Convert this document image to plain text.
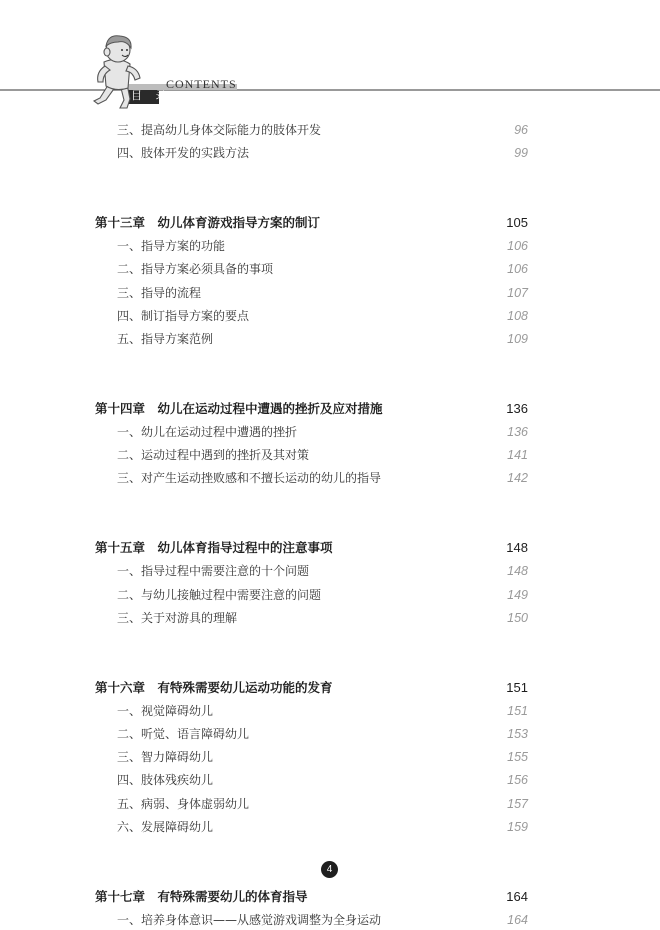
CONTENTS
目 录
三、提高幼儿身体交际能力的肢体开发	96
四、肢体开发的实践方法	99
第十三章　幼儿体育游戏指导方案的制订	105
一、指导方案的功能	106
二、指导方案必须具备的事项	106
三、指导的流程	107
四、制订指导方案的要点	108
五、指导方案范例	109
第十四章　幼儿在运动过程中遭遇的挫折及应对措施	136
一、幼儿在运动过程中遭遇的挫折	136
二、运动过程中遇到的挫折及其对策	141
三、对产生运动挫败感和不擅长运动的幼儿的指导	142
第十五章　幼儿体育指导过程中的注意事项	148
一、指导过程中需要注意的十个问题	148
二、与幼儿接触过程中需要注意的问题	149
三、关于对游具的理解	150
第十六章　有特殊需要幼儿运动功能的发育	151
一、视觉障碍幼儿	151
二、听觉、语言障碍幼儿	153
三、智力障碍幼儿	155
四、肢体残疾幼儿	156
五、病弱、身体虚弱幼儿	157
六、发展障碍幼儿	159
第十七章　有特殊需要幼儿的体育指导	164
一、培养身体意识——从感觉游戏调整为全身运动	164
4
